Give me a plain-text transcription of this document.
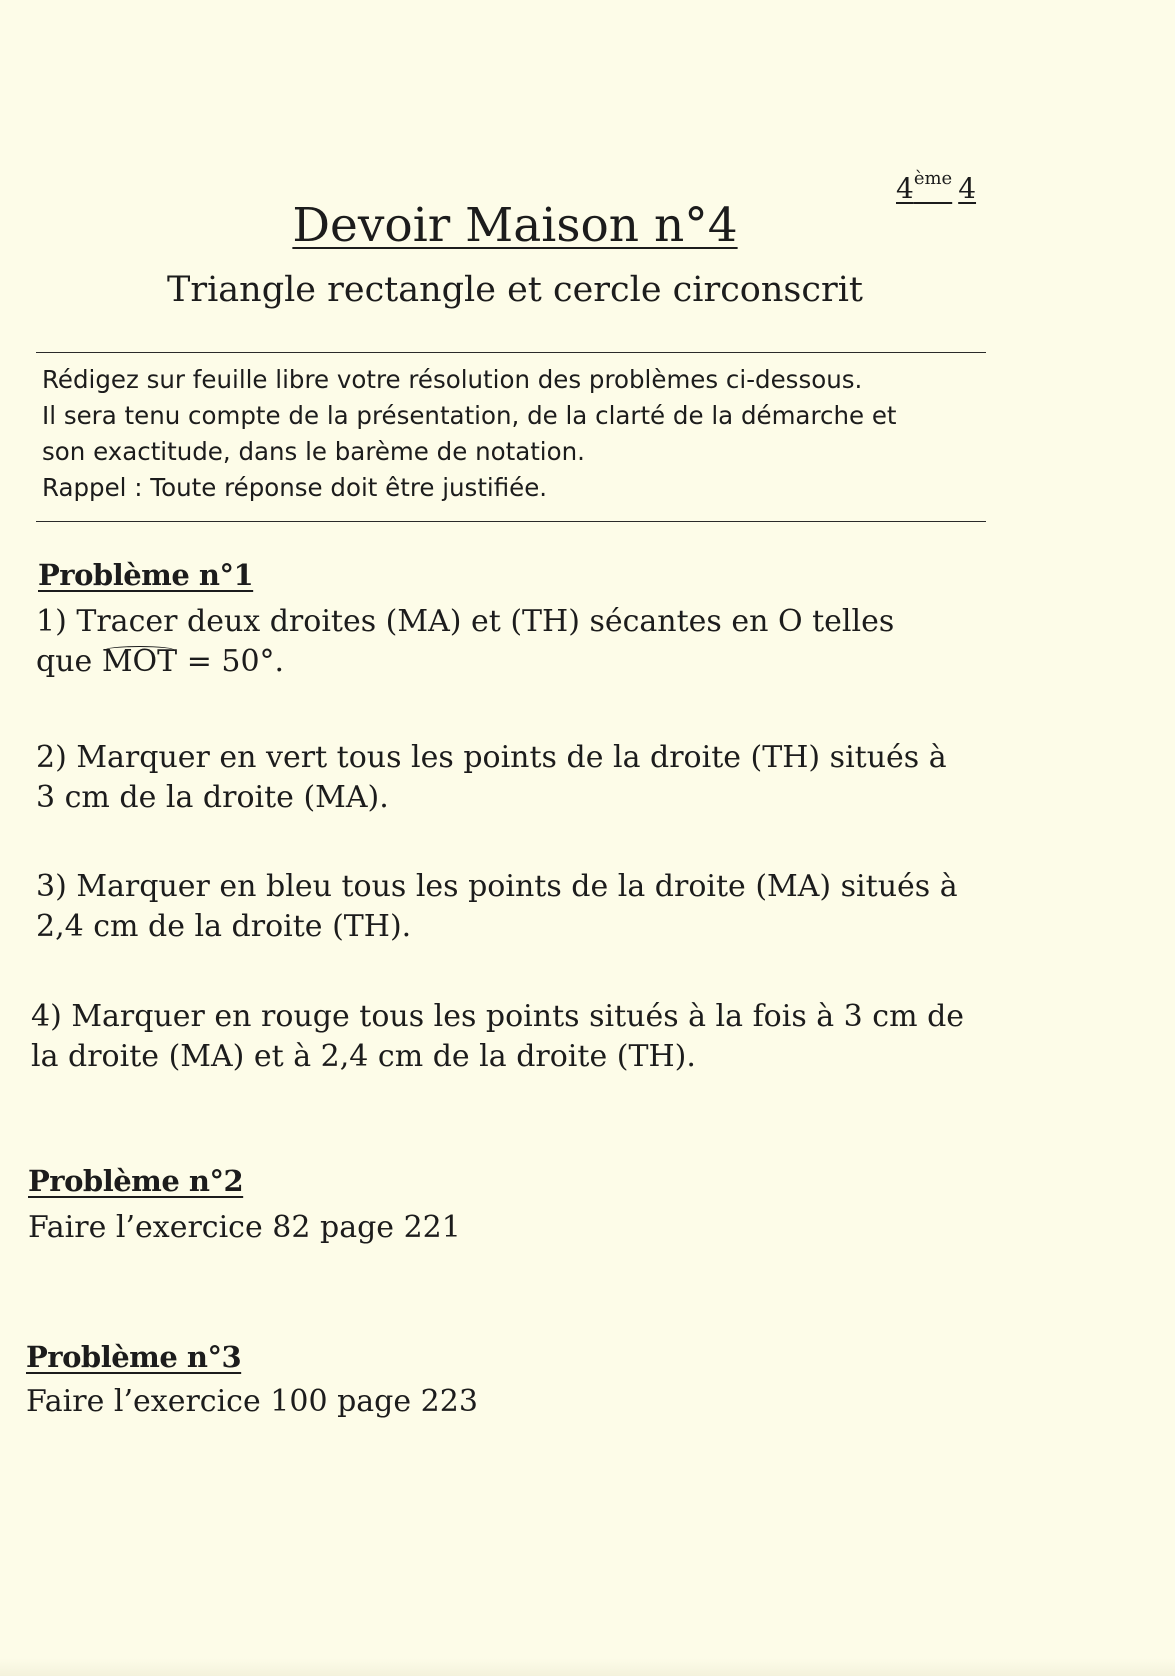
4ème 4
Devoir Maison n°4
Triangle rectangle et cercle circonscrit
Rédigez sur feuille libre votre résolution des problèmes ci-dessous.
Il sera tenu compte de la présentation, de la clarté de la démarche et
son exactitude, dans le barème de notation.
Rappel : Toute réponse doit être justifiée.
Problème n°1
1) Tracer deux droites (MA) et (TH) sécantes en O telles
que MOT = 50°.
2) Marquer en vert tous les points de la droite (TH) situés à
3 cm de la droite (MA).
3) Marquer en bleu tous les points de la droite (MA) situés à
2,4 cm de la droite (TH).
4) Marquer en rouge tous les points situés à la fois à 3 cm de
la droite (MA) et à 2,4 cm de la droite (TH).
Problème n°2
Faire l’exercice 82 page 221
Problème n°3
Faire l’exercice 100 page 223
